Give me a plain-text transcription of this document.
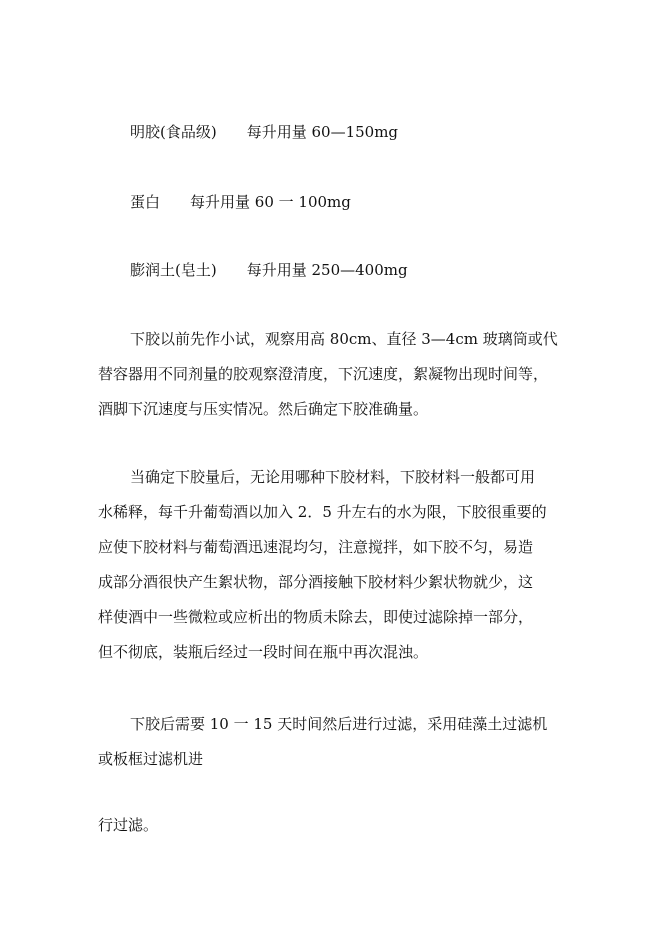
明胶(食品级) 每升用量 60—150mg
蛋白 每升用量 60 一 100mg
膨润土(皂土) 每升用量 250—400mg
下胶以前先作小试，观察用高 80cm、直径 3—4cm 玻璃筒或代
替容器用不同剂量的胶观察澄清度，下沉速度，絮凝物出现时间等，
酒脚下沉速度与压实情况。然后确定下胶准确量。
当确定下胶量后，无论用哪种下胶材料，下胶材料一般都可用
水稀释，每千升葡萄酒以加入 2．5 升左右的水为限，下胶很重要的
应使下胶材料与葡萄酒迅速混均匀，注意搅拌，如下胶不匀，易造
成部分酒很快产生絮状物，部分酒接触下胶材料少絮状物就少，这
样使酒中一些微粒或应析出的物质未除去，即使过滤除掉一部分，
但不彻底，装瓶后经过一段时间在瓶中再次混浊。
下胶后需要 10 一 15 天时间然后进行过滤，采用硅藻土过滤机
或板框过滤机进
行过滤。
